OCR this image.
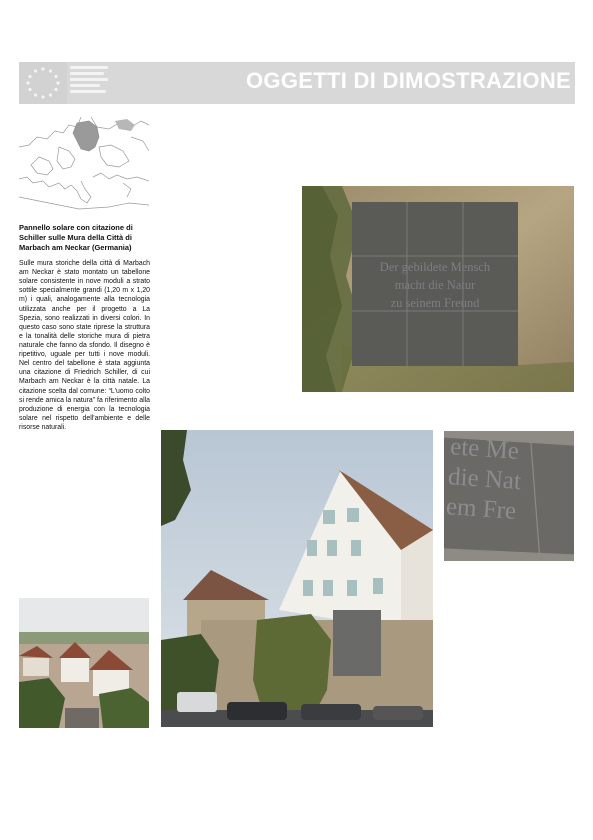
OGGETTI DI DIMOSTRAZIONE
Pannello solare con citazione di Schiller sulle Mura della Città di Marbach am Neckar (Germania)
Sulle mura storiche della città di Marbach am Neckar è stato montato un tabellone solare consistente in nove moduli a strato sottile specialmente grandi (1,20 m x 1,20 m) i quali, analogamente alla tecnologia utilizzata anche per il progetto a La Spezia, sono realizzati in diversi colori. In questo caso sono state riprese la struttura e la tonalità delle storiche mura di pietra naturale che fanno da sfondo. Il disegno è ripetitivo, uguale per tutti i nove moduli. Nel centro del tabellone è stata aggiunta una citazione di Friedrich Schiller, di cui Marbach am Neckar è la città natale. La citazione scelta dal comune: “L'uomo colto si rende amica la natura” fa riferimento alla produzione di energia con la tecnologia solare nel rispetto dell'ambiente e delle risorse naturali.
Der gebildete Mensch
macht die Natur
zu seinem Freund
ete Me
die Nat
em Fre
